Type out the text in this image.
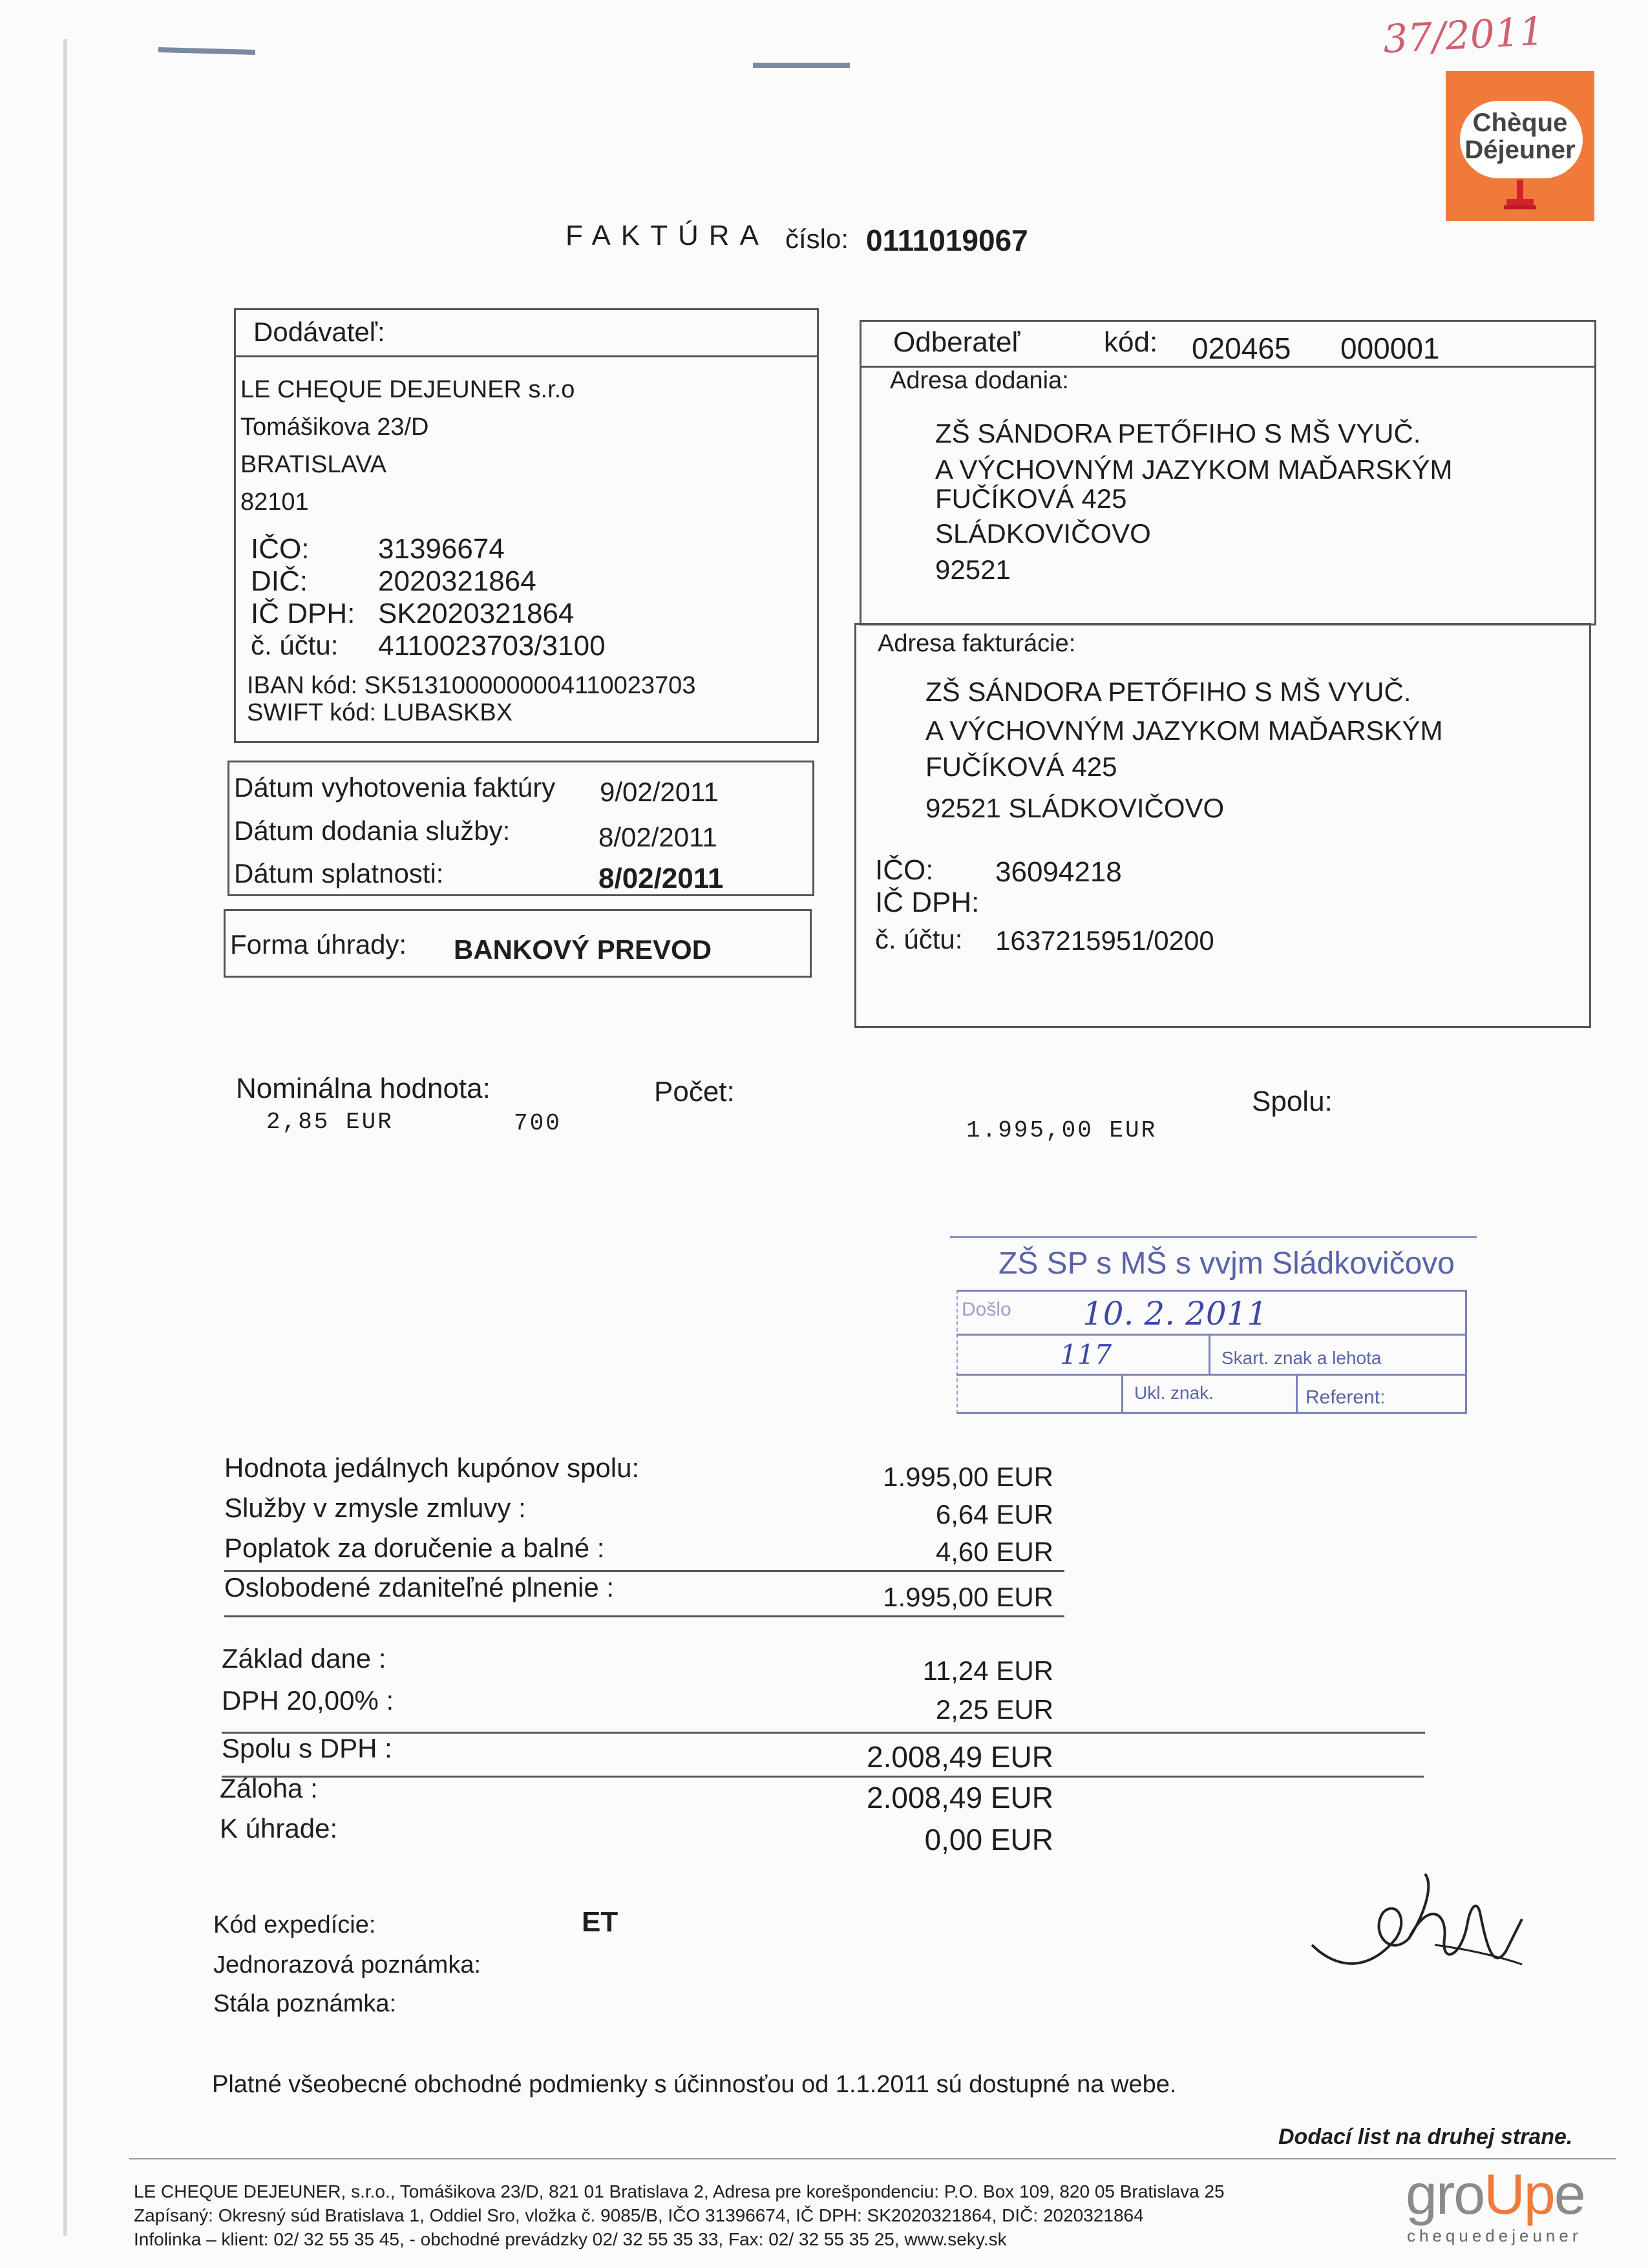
37/2011
Chèque
Déjeuner
FAKTÚRA číslo: 0111019067
Dodávateľ:
LE CHEQUE DEJEUNER s.r.o
Tomášikova 23/D
BRATISLAVA
82101
IČO: 31396674
DIČ: 2020321864
IČ DPH: SK2020321864
č. účtu: 4110023703/3100
IBAN kód: SK5131000000004110023703
SWIFT kód: LUBASKBX
Dátum vyhotovenia faktúry 9/02/2011
Dátum dodania služby:	8/02/2011
Dátum splatnosti:	8/02/2011
Forma úhrady: BANKOVÝ PREVOD
Odberateľ	kód: 020465 000001
Adresa dodania:
ZŠ SÁNDORA PETŐFIHO S MŠ VYUČ.
A VÝCHOVNÝM JAZYKOM MAĎARSKÝM
FUČÍKOVÁ 425
SLÁDKOVIČOVO
92521
Adresa fakturácie:
ZŠ SÁNDORA PETŐFIHO S MŠ VYUČ.
A VÝCHOVNÝM JAZYKOM MAĎARSKÝM
FUČÍKOVÁ 425
92521 SLÁDKOVIČOVO
IČO: 36094218
IČ DPH:
č. účtu: 1637215951/0200
Nominálna hodnota:	Počet:	Spolu:
2,85 EUR	700	1.995,00 EUR
ZŠ SP s MŠ s vvjm Sládkovičovo
Došlo 10. 2. 2011
117	Skart. znak a lehota
Ukl. znak.	Referent:
Hodnota jedálnych kupónov spolu:	1.995,00 EUR
Služby v zmysle zmluvy :	6,64 EUR
Poplatok za doručenie a balné :	4,60 EUR
Oslobodené zdaniteľné plnenie :	1.995,00 EUR
Základ dane :	11,24 EUR
DPH 20,00% :	2,25 EUR
Spolu s DPH :	2.008,49 EUR
Záloha :	2.008,49 EUR
K úhrade:	0,00 EUR
Kód expedície:	ET
Jednorazová poznámka:
Stála poznámka:
Platné všeobecné obchodné podmienky s účinnosťou od 1.1.2011 sú dostupné na webe.
Dodací list na druhej strane.
LE CHEQUE DEJEUNER, s.r.o., Tomášikova 23/D, 821 01 Bratislava 2, Adresa pre korešpondenciu: P.O. Box 109, 820 05 Bratislava 25
Zapísaný: Okresný súd Bratislava 1, Oddiel Sro, vložka č. 9085/B, IČO 31396674, IČ DPH: SK2020321864, DIČ: 2020321864
Infolinka – klient: 02/ 32 55 35 45, - obchodné prevádzky 02/ 32 55 35 33, Fax: 02/ 32 55 35 25, www.seky.sk
groUpe
chequedejeuner
